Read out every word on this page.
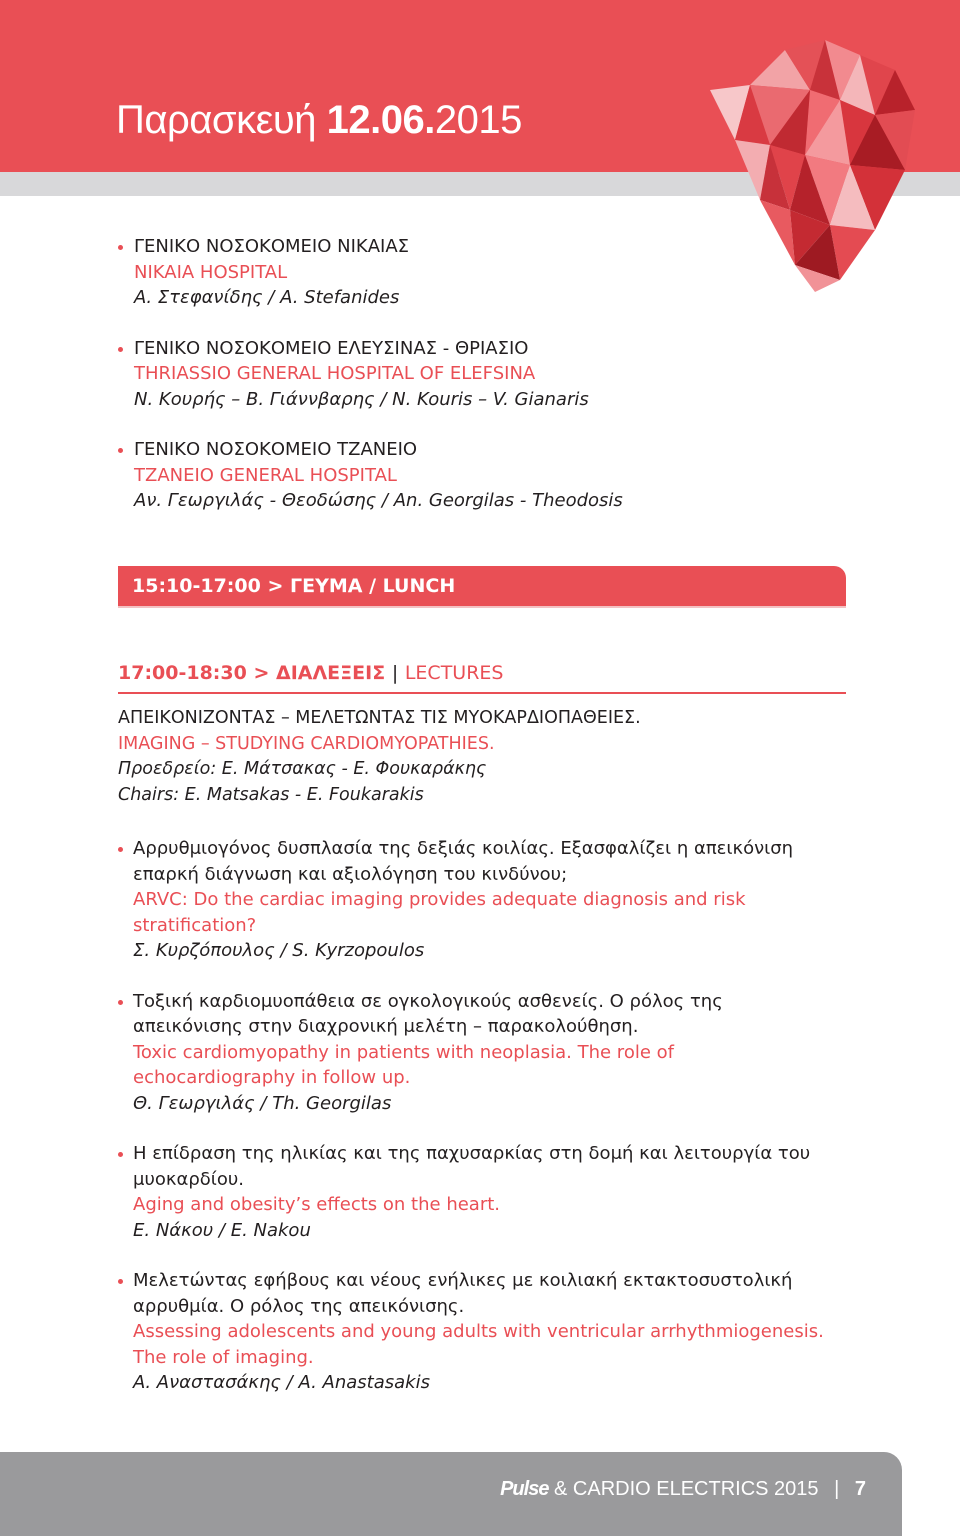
Παρασκευή 12.06.2015
ΓΕΝΙΚΟ ΝΟΣΟΚΟΜΕΙΟ ΝΙΚΑΙΑΣ
NIKAIA HOSPITAL
Α. Στεφανίδης / A. Stefanides
ΓΕΝΙΚΟ ΝΟΣΟΚΟΜΕΙΟ ΕΛΕΥΣΙΝΑΣ - ΘΡΙΑΣΙΟ
THRIASSIO GENERAL HOSPITAL OF ELEFSINA
Ν. Κουρής – Β. Γιάννβαρης / N. Kouris – V. Gianaris
ΓΕΝΙΚΟ ΝΟΣΟΚΟΜΕΙΟ ΤΖΑΝΕΙΟ
TZANEIO GENERAL HOSPITAL
Αν. Γεωργιλάς - Θεοδώσης / An. Georgilas - Theodosis
15:10-17:00 > ΓΕΥΜΑ / LUNCH
17:00-18:30 > ΔΙΑΛΕΞΕΙΣ | LECTURES
ΑΠΕΙΚΟΝΙΖΟΝΤΑΣ – ΜΕΛΕΤΩΝΤΑΣ ΤΙΣ ΜΥΟΚΑΡΔΙΟΠΑΘΕΙΕΣ.
IMAGING – STUDYING CARDIOMYOPATHIES.
Προεδρείο: Ε. Μάτσακας - Ε. Φουκαράκης
Chairs: E. Matsakas - E. Foukarakis
Αρρυθμιογόνος δυσπλασία της δεξιάς κοιλίας. Εξασφαλίζει η απεικόνιση
επαρκή διάγνωση και αξιολόγηση του κινδύνου;
ARVC: Do the cardiac imaging provides adequate diagnosis and risk
stratification?
Σ. Κυρζόπουλος / S. Kyrzopoulos
Τοξική καρδιομυοπάθεια σε ογκολογικούς ασθενείς. Ο ρόλος της
απεικόνισης στην διαχρονική μελέτη – παρακολούθηση.
Toxic cardiomyopathy in patients with neoplasia. The role of
echocardiography in follow up.
Θ. Γεωργιλάς / Th. Georgilas
Η επίδραση της ηλικίας και της παχυσαρκίας στη δομή και λειτουργία του
μυοκαρδίου.
Aging and obesity’s effects on the heart.
Ε. Νάκου / E. Nakou
Μελετώντας εφήβους και νέους ενήλικες με κοιλιακή εκτακτοσυστολική
αρρυθμία. Ο ρόλος της απεικόνισης.
Assessing adolescents and young adults with ventricular arrhythmiogenesis.
The role of imaging.
Α. Αναστασάκης / A. Anastasakis
Pulse & CARDIO ELECTRICS 2015 | 7
